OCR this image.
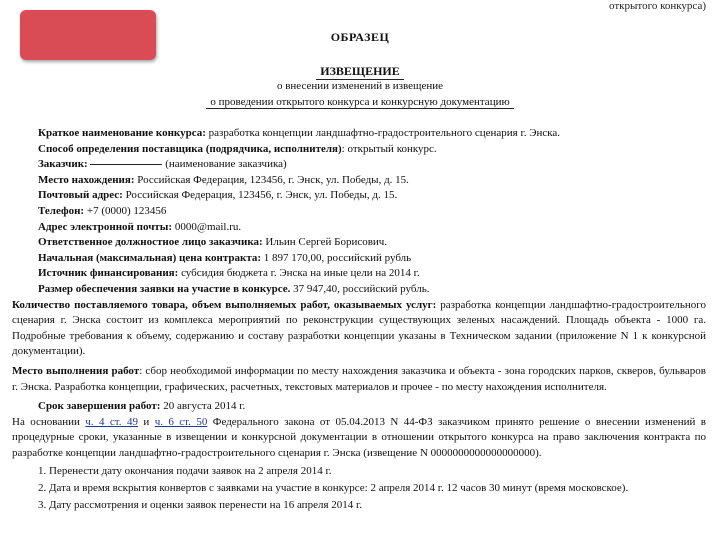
открытого конкурса)
ОБРАЗЕЦ
ИЗВЕЩЕНИЕ
о внесении изменений в извещение
о проведении открытого конкурса и конкурсную документацию
Краткое наименование конкурса: разработка концепции ландшафтно-градостроительного сценария г. Энска.
Способ определения поставщика (подрядчика, исполнителя): открытый конкурс.
Заказчик:	(наименование заказчика)
Место нахождения: Российская Федерация, 123456, г. Энск, ул. Победы, д. 15.
Почтовый адрес: Российская Федерация, 123456, г. Энск, ул. Победы, д. 15.
Телефон: +7 (0000) 123456
Адрес электронной почты: 0000@mail.ru.
Ответственное должностное лицо заказчика: Ильин Сергей Борисович.
Начальная (максимальная) цена контракта: 1 897 170,00, российский рубль
Источник финансирования: субсидия бюджета г. Энска на иные цели на 2014 г.
Размер обеспечения заявки на участие в конкурсе. 37 947,40, российский рубль.
Количество поставляемого товара, объем выполняемых работ, оказываемых услуг: разработка концепции ландшафтно-градостроительного сценария г. Энска состоит из комплекса мероприятий по реконструкции существующих зеленых насаждений. Площадь объекта - 1000 га. Подробные требования к объему, содержанию и составу разработки концепции указаны в Техническом задании (приложение N 1 к конкурсной документации).
Место выполнения работ: сбор необходимой информации по месту нахождения заказчика и объекта - зона городских парков, скверов, бульваров г. Энска. Разработка концепции, графических, расчетных, текстовых материалов и прочее - по месту нахождения исполнителя.
Срок завершения работ: 20 августа 2014 г.
На основании ч. 4 ст. 49 и ч. 6 ст. 50 Федерального закона от 05.04.2013 N 44-ФЗ заказчиком принято решение о внесении изменений в процедурные сроки, указанные в извещении и конкурсной документации в отношении открытого конкурса на право заключения контракта по разработке концепции ландшафтно-градостроительного сценария г. Энска (извещение N 0000000000000000000).
1. Перенести дату окончания подачи заявок на 2 апреля 2014 г.
2. Дата и время вскрытия конвертов с заявками на участие в конкурсе: 2 апреля 2014 г. 12 часов 30 минут (время московское).
3. Дату рассмотрения и оценки заявок перенести на 16 апреля 2014 г.
